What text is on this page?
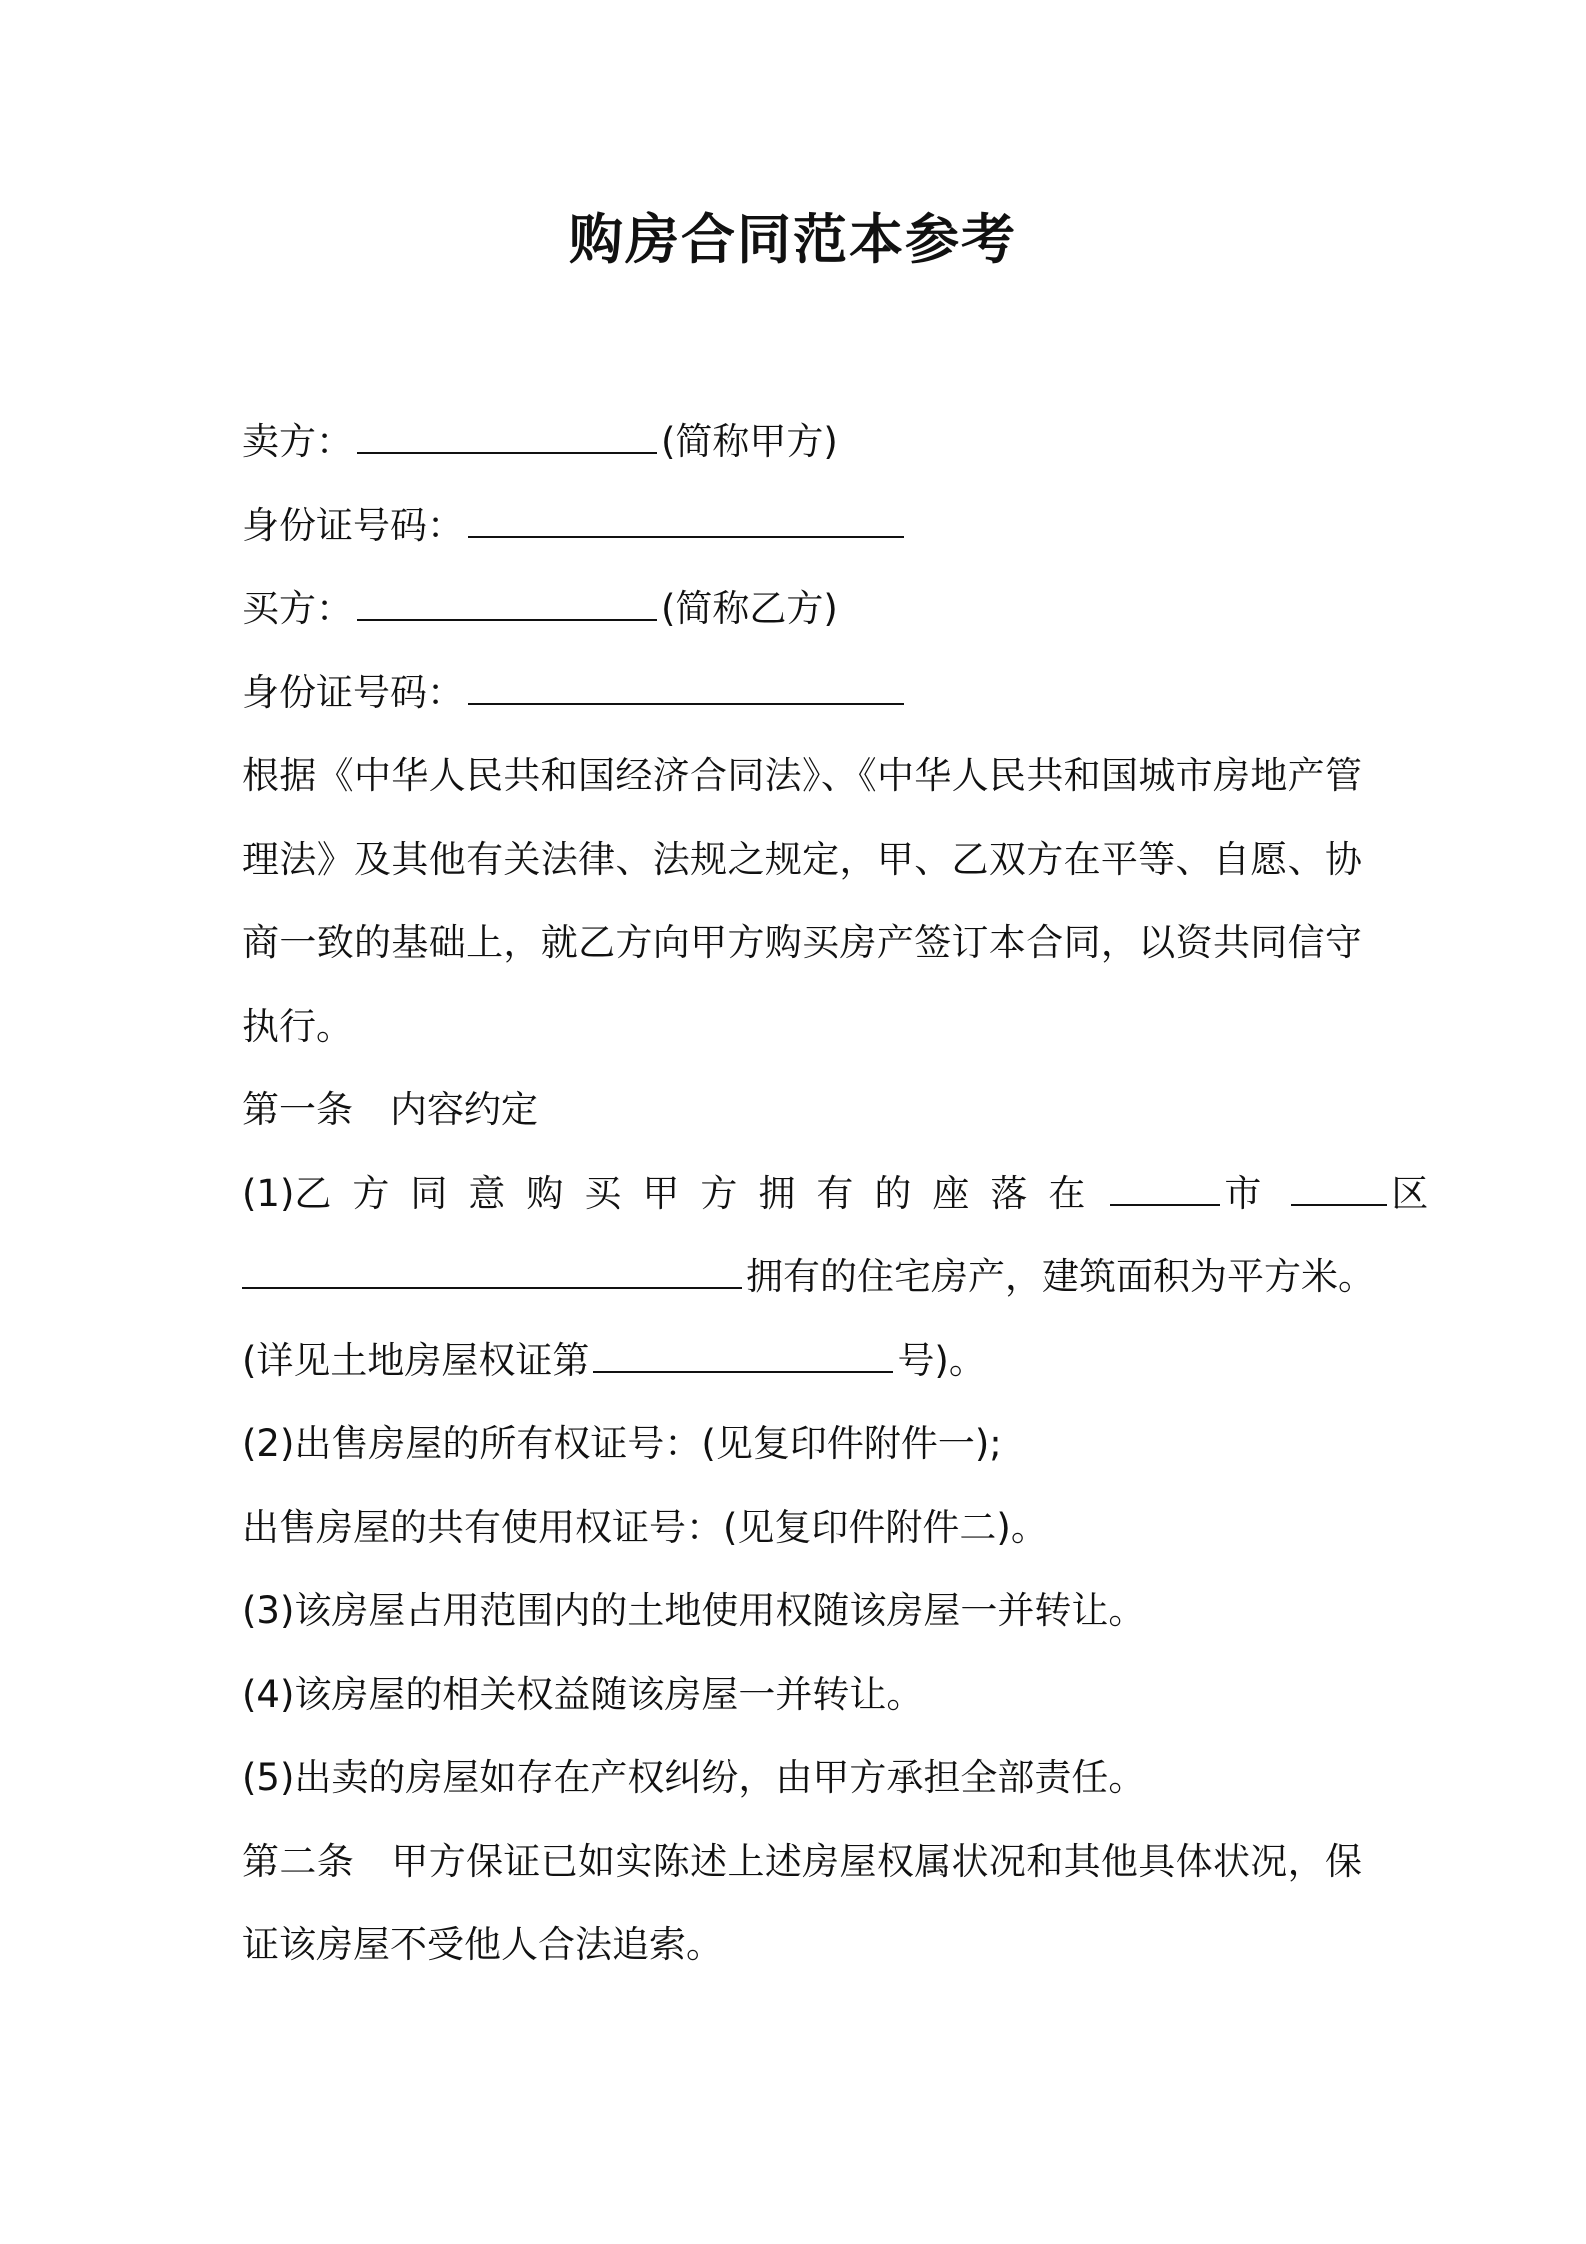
购房合同范本参考
卖方：	(简称甲方)
身份证号码：
买方：	(简称乙方)
身份证号码：
根据《中华人民共和国经济合同法》、《中华人民共和国城市房地产管理法》及其他有关法律、法规之规定，甲、乙双方在平等、自愿、协商一致的基础上，就乙方向甲方购买房产签订本合同，以资共同信守执行。
第一条　内容约定
(1)乙方同意购买甲方拥有的座落在	市	区
拥有的住宅房产，建筑面积为平方米。
(详见土地房屋权证第	号)。
(2)出售房屋的所有权证号：(见复印件附件一);
出售房屋的共有使用权证号：(见复印件附件二)。
(3)该房屋占用范围内的土地使用权随该房屋一并转让。
(4)该房屋的相关权益随该房屋一并转让。
(5)出卖的房屋如存在产权纠纷，由甲方承担全部责任。
第二条　甲方保证已如实陈述上述房屋权属状况和其他具体状况，保证该房屋不受他人合法追索。
